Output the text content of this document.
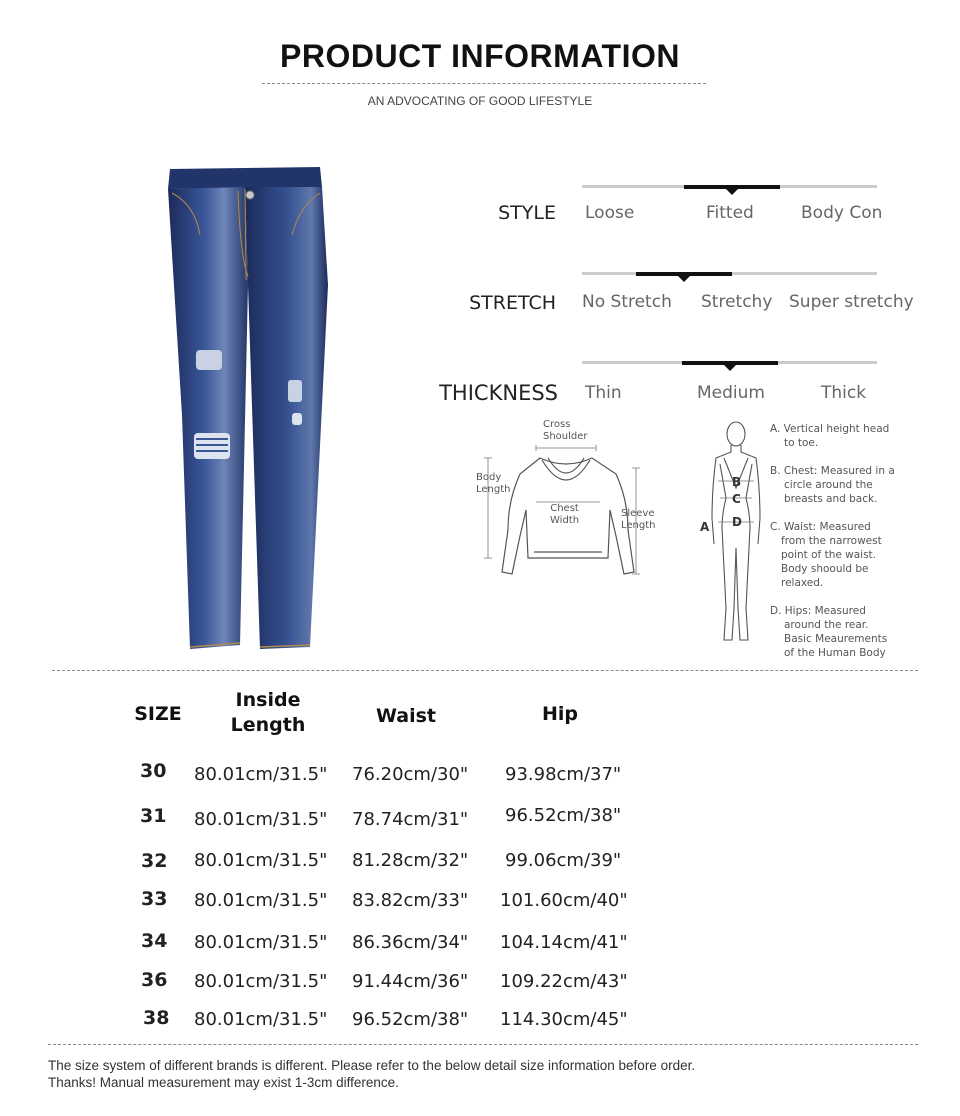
PRODUCT INFORMATION
AN ADVOCATING OF GOOD LIFESTYLE
STYLE Loose	Fitted	Body Con
STRETCH No Stretch Stretchy Super stretchy
THICKNESS Thin	Medium	Thick
Cross
Shoulder
Body
Length
Chest
Width
Sleeve
Length	A
B
C
D
A. Vertical height head
to toe.
B. Chest: Measured in a
circle around the
breasts and back.
C. Waist: Measured
from the narrowest
point of the waist.
Body shoould be
relaxed.
D. Hips: Measured
around the rear.
Basic Meaurements
of the Human Body
SIZE
Inside
Length	Waist	Hip
30 80.01cm/31.5"	76.20cm/30"	93.98cm/37"
31 80.01cm/31.5"	78.74cm/31"	96.52cm/38"
32 80.01cm/31.5"	81.28cm/32"	99.06cm/39"
33 80.01cm/31.5"	83.82cm/33"	101.60cm/40"
34 80.01cm/31.5"	86.36cm/34"	104.14cm/41"
36 80.01cm/31.5"	91.44cm/36"	109.22cm/43"
38 80.01cm/31.5"	96.52cm/38"	114.30cm/45"
The size system of different brands is different. Please refer to the below detail size information before order.
Thanks! Manual measurement may exist 1-3cm difference.
